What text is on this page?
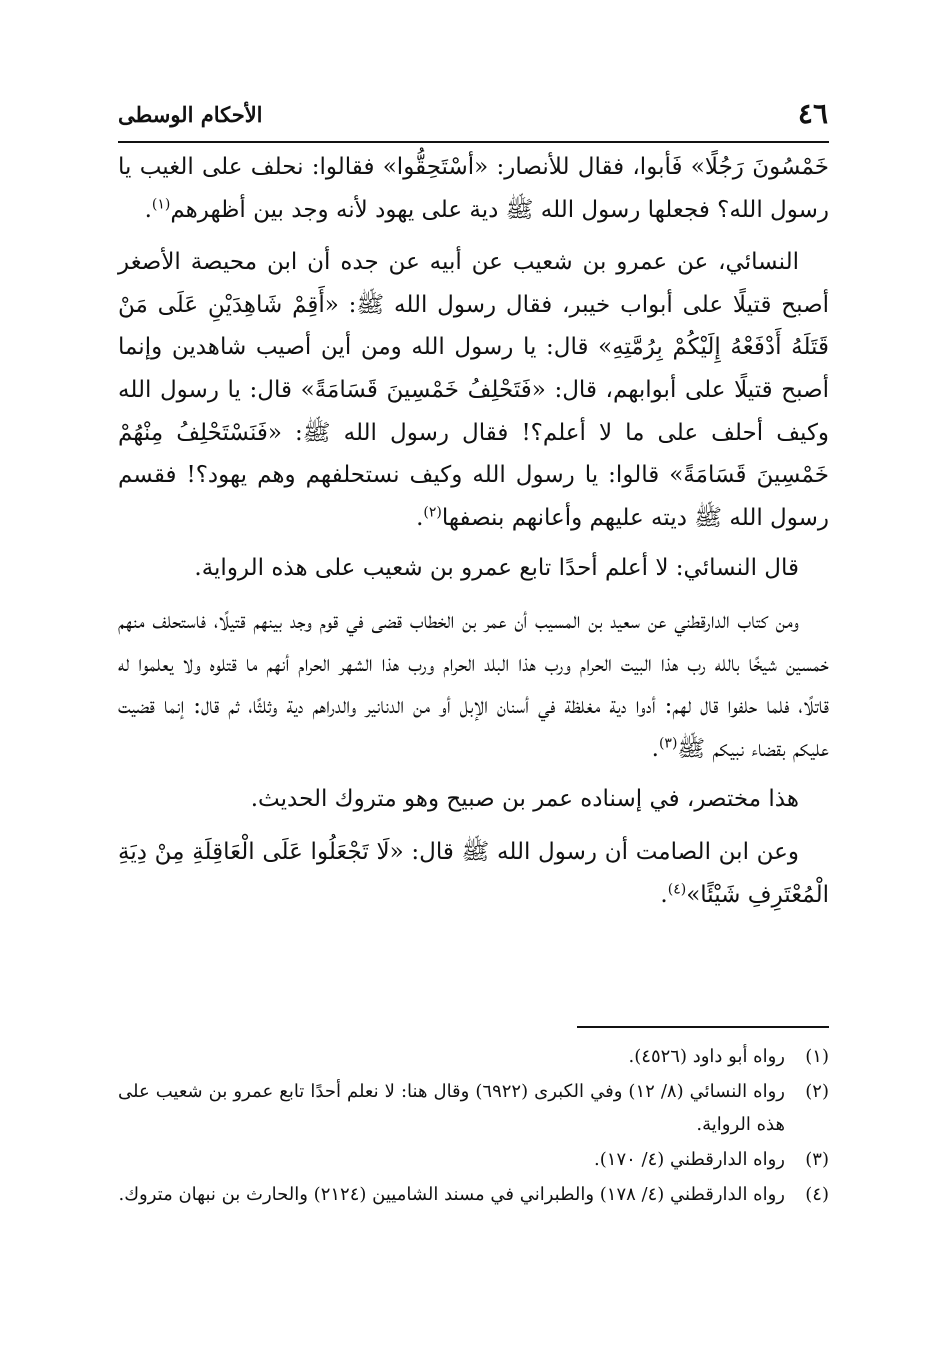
٤٦
الأحكام الوسطى

خَمْسُونَ رَجُلًا» فَأبوا، فقال للأنصار: «أسْتَحِقُّوا» فقالوا: نحلف على الغيب يا رسول الله؟ فجعلها رسول الله ﷺ دية على يهود لأنه وجد بين أظهرهم$^{(١)}$.

النسائي، عن عمرو بن شعيب عن أبيه عن جده أن ابن محيصة الأصغر أصبح قتيلًا على أبواب خيبر، فقال رسول الله ﷺ: «أَقِمْ شَاهِدَيْنِ عَلَى مَنْ قَتَلَهُ أَدْفَعْهُ إِلَيْكُمْ بِرُمَّتِهِ» قال: يا رسول الله ومن أين أصيب شاهدين وإنما أصبح قتيلًا على أبوابهم، قال: «فَتَحْلِفُ خَمْسِينَ قَسَامَةً» قال: يا رسول الله وكيف أحلف على ما لا أعلم؟! فقال رسول الله ﷺ: «فَنَسْتَحْلِفُ مِنْهُمْ خَمْسِينَ قَسَامَةً» قالوا: يا رسول الله وكيف نستحلفهم وهم يهود؟! فقسم رسول الله ﷺ ديته عليهم وأعانهم بنصفها$^{(٢)}$.

قال النسائي: لا أعلم أحدًا تابع عمرو بن شعيب على هذه الرواية.

ومن كتاب الدارقطني عن سعيد بن المسيب أن عمر بن الخطاب قضى في قوم وجد بينهم قتيلًا، فاستحلف منهم خمسين شيخًا بالله رب هذا البيت الحرام ورب هذا البلد الحرام ورب هذا الشهر الحرام أنهم ما قتلوه ولا يعلموا له قاتلًا، فلما حلفوا قال لهم: أدوا دية مغلظة في أسنان الإبل أو من الدنانير والدراهم دية وثلثًا، ثم قال: إنما قضيت عليكم بقضاء نبيكم ﷺ$^{(٣)}$.

هذا مختصر، في إسناده عمر بن صبيح وهو متروك الحديث.

وعن ابن الصامت أن رسول الله ﷺ قال: «لَا تَجْعَلُوا عَلَى الْعَاقِلَةِ مِنْ دِيَةِ الْمُعْتَرِفِ شَيْئًا»$^{(٤)}$.

(١)
رواه أبو داود (٤٥٢٦).
(٢)
رواه النسائي (٨/ ١٢) وفي الكبرى (٦٩٢٢) وقال هنا: لا نعلم أحدًا تابع عمرو بن شعيب على هذه الرواية.
(٣)
رواه الدارقطني (٤/ ١٧٠).
(٤)
رواه الدارقطني (٤/ ١٧٨) والطبراني في مسند الشاميين (٢١٢٤) والحارث بن نبهان متروك.
